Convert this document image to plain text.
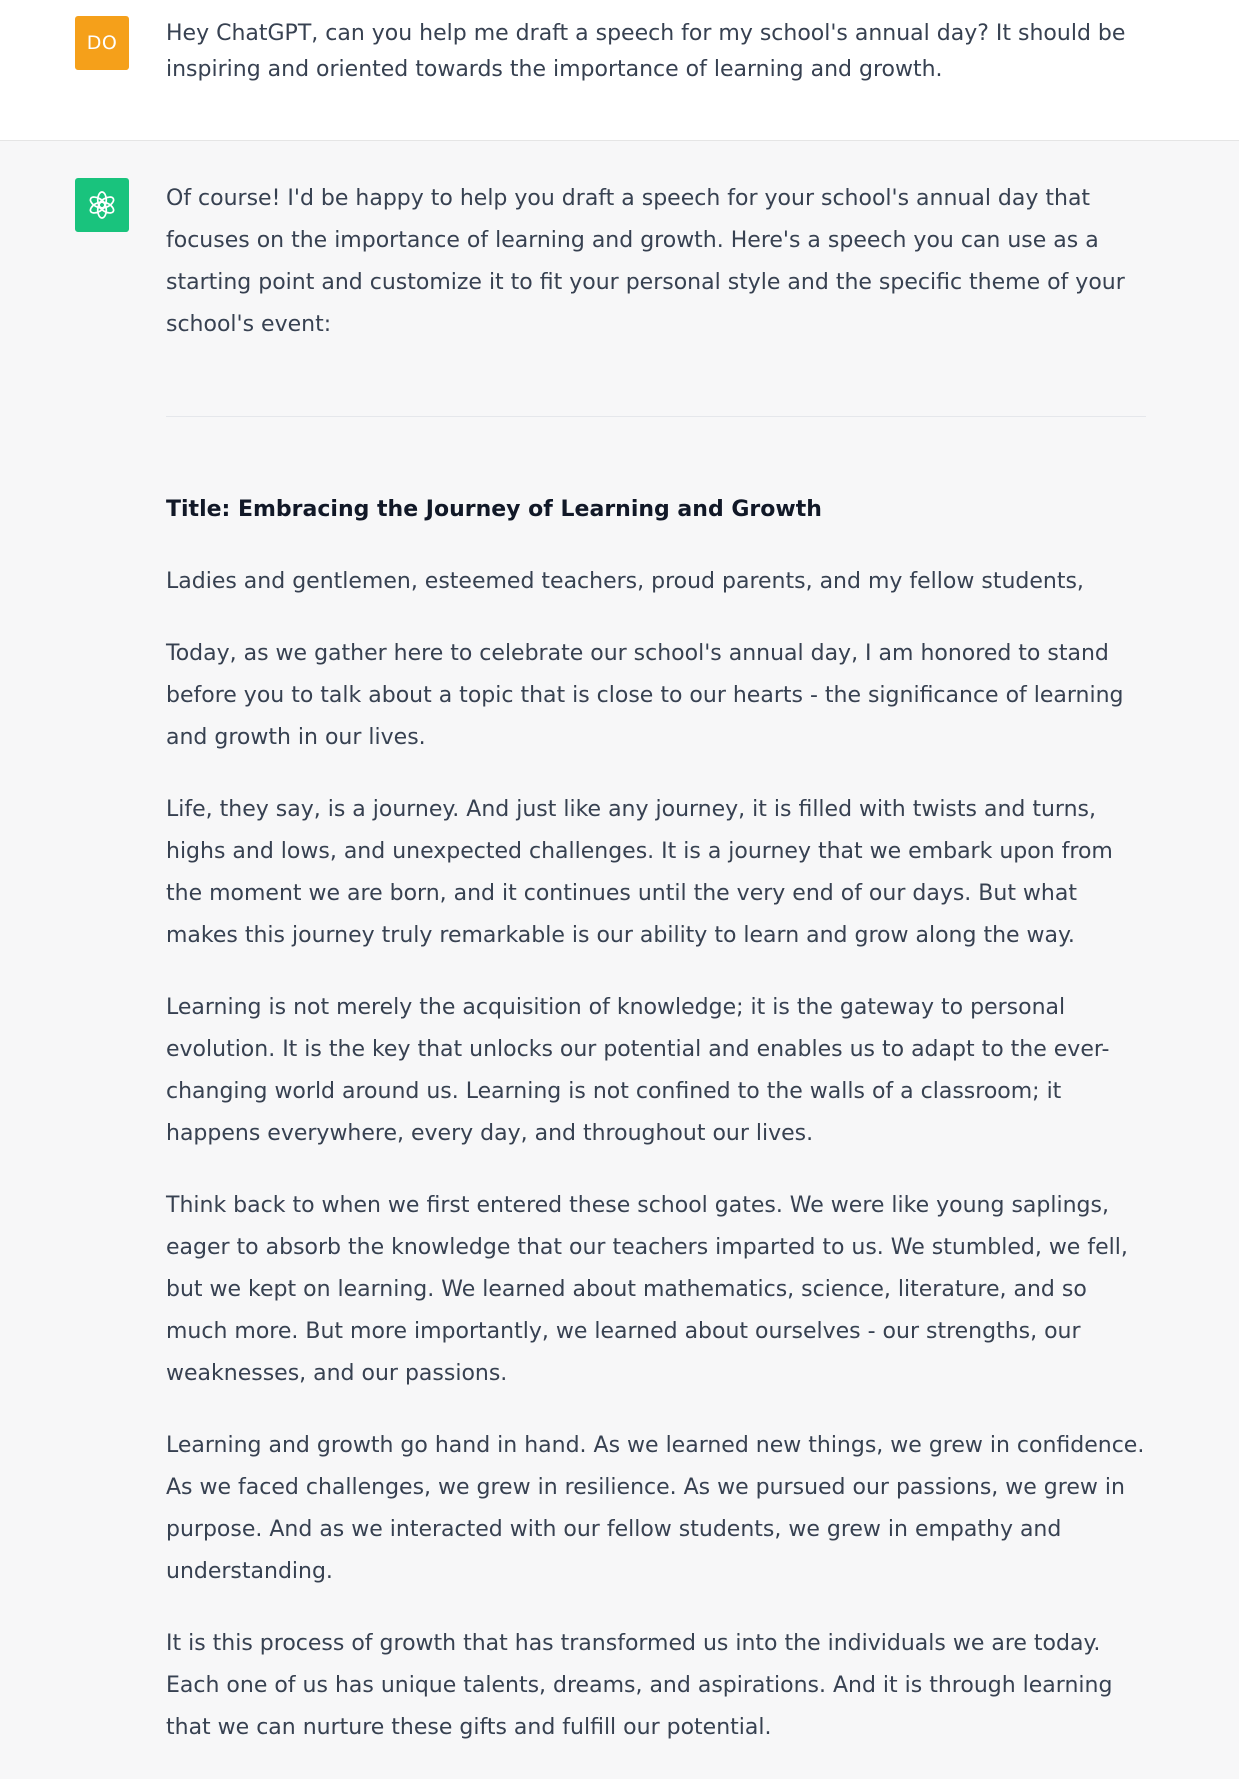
DO	Hey ChatGPT, can you help me draft a speech for my school's annual day? It should be inspiring and oriented towards the importance of learning and growth.

Of course! I'd be happy to help you draft a speech for your school's annual day that focuses on the importance of learning and growth. Here's a speech you can use as a starting point and customize it to fit your personal style and the specific theme of your school's event:

Title: Embracing the Journey of Learning and Growth

Ladies and gentlemen, esteemed teachers, proud parents, and my fellow students,

Today, as we gather here to celebrate our school's annual day, I am honored to stand before you to talk about a topic that is close to our hearts - the significance of learning and growth in our lives.

Life, they say, is a journey. And just like any journey, it is filled with twists and turns, highs and lows, and unexpected challenges. It is a journey that we embark upon from the moment we are born, and it continues until the very end of our days. But what makes this journey truly remarkable is our ability to learn and grow along the way.

Learning is not merely the acquisition of knowledge; it is the gateway to personal evolution. It is the key that unlocks our potential and enables us to adapt to the ever-changing world around us. Learning is not confined to the walls of a classroom; it happens everywhere, every day, and throughout our lives.

Think back to when we first entered these school gates. We were like young saplings, eager to absorb the knowledge that our teachers imparted to us. We stumbled, we fell, but we kept on learning. We learned about mathematics, science, literature, and so much more. But more importantly, we learned about ourselves - our strengths, our weaknesses, and our passions.

Learning and growth go hand in hand. As we learned new things, we grew in confidence. As we faced challenges, we grew in resilience. As we pursued our passions, we grew in purpose. And as we interacted with our fellow students, we grew in empathy and understanding.

It is this process of growth that has transformed us into the individuals we are today. Each one of us has unique talents, dreams, and aspirations. And it is through learning that we can nurture these gifts and fulfill our potential.
